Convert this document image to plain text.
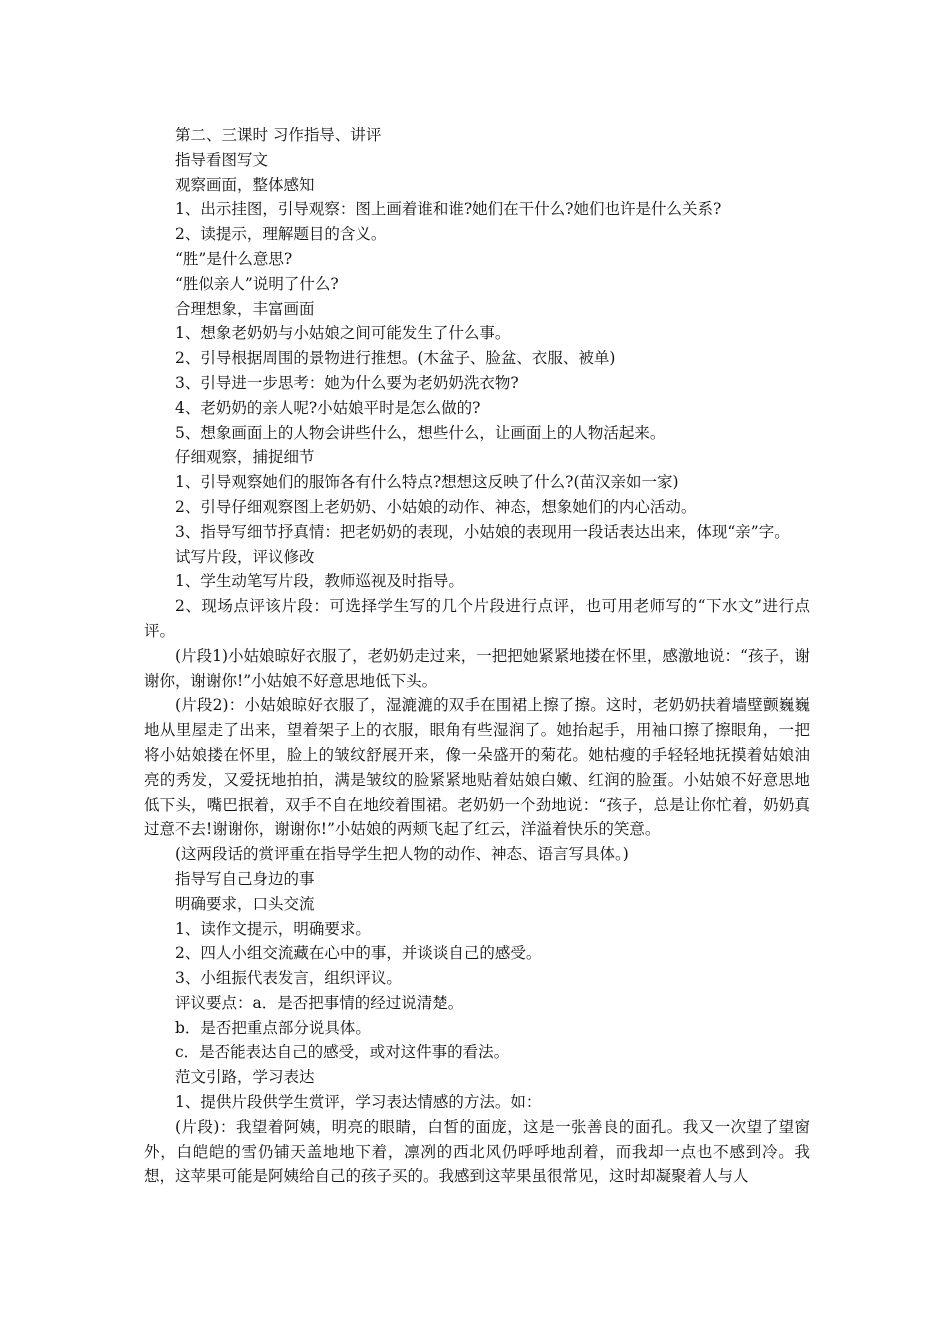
第二、三课时 习作指导、讲评

指导看图写文

观察画面，整体感知

1、出示挂图，引导观察：图上画着谁和谁?她们在干什么?她们也许是什么关系?

2、读提示，理解题目的含义。

“胜”是什么意思?

“胜似亲人”说明了什么?

合理想象，丰富画面

1、想象老奶奶与小姑娘之间可能发生了什么事。

2、引导根据周围的景物进行推想。(木盆子、脸盆、衣服、被单)

3、引导进一步思考：她为什么要为老奶奶洗衣物?

4、老奶奶的亲人呢?小姑娘平时是怎么做的?

5、想象画面上的人物会讲些什么，想些什么，让画面上的人物活起来。

仔细观察，捕捉细节

1、引导观察她们的服饰各有什么特点?想想这反映了什么?(苗汉亲如一家)

2、引导仔细观察图上老奶奶、小姑娘的动作、神态，想象她们的内心活动。

3、指导写细节抒真情：把老奶奶的表现，小姑娘的表现用一段话表达出来，体现“亲”字。

试写片段，评议修改

1、学生动笔写片段，教师巡视及时指导。

2、现场点评该片段：可选择学生写的几个片段进行点评，也可用老师写的“下水文”进行点评。

(片段1)小姑娘晾好衣服了，老奶奶走过来，一把把她紧紧地搂在怀里，感激地说：“孩子，谢谢你，谢谢你!”小姑娘不好意思地低下头。

(片段2)：小姑娘晾好衣服了，湿漉漉的双手在围裙上擦了擦。这时，老奶奶扶着墙壁颤巍巍地从里屋走了出来，望着架子上的衣服，眼角有些湿润了。她抬起手，用袖口擦了擦眼角，一把将小姑娘搂在怀里，脸上的皱纹舒展开来，像一朵盛开的菊花。她枯瘦的手轻轻地抚摸着姑娘油亮的秀发，又爱抚地拍拍，满是皱纹的脸紧紧地贴着姑娘白嫩、红润的脸蛋。小姑娘不好意思地低下头，嘴巴抿着，双手不自在地绞着围裙。老奶奶一个劲地说：“孩子，总是让你忙着，奶奶真过意不去!谢谢你，谢谢你!”小姑娘的两颊飞起了红云，洋溢着快乐的笑意。

(这两段话的赏评重在指导学生把人物的动作、神态、语言写具体。)

指导写自己身边的事

明确要求，口头交流

1、读作文提示，明确要求。

2、四人小组交流藏在心中的事，并谈谈自己的感受。

3、小组振代表发言，组织评议。

评议要点：a．是否把事情的经过说清楚。

b．是否把重点部分说具体。

c．是否能表达自己的感受，或对这件事的看法。

范文引路，学习表达

1、提供片段供学生赏评，学习表达情感的方法。如：

(片段)：我望着阿姨，明亮的眼睛，白皙的面庞，这是一张善良的面孔。我又一次望了望窗外，白皑皑的雪仍铺天盖地地下着，凛冽的西北风仍呼呼地刮着，而我却一点也不感到冷。我想，这苹果可能是阿姨给自己的孩子买的。我感到这苹果虽很常见，这时却凝聚着人与人
